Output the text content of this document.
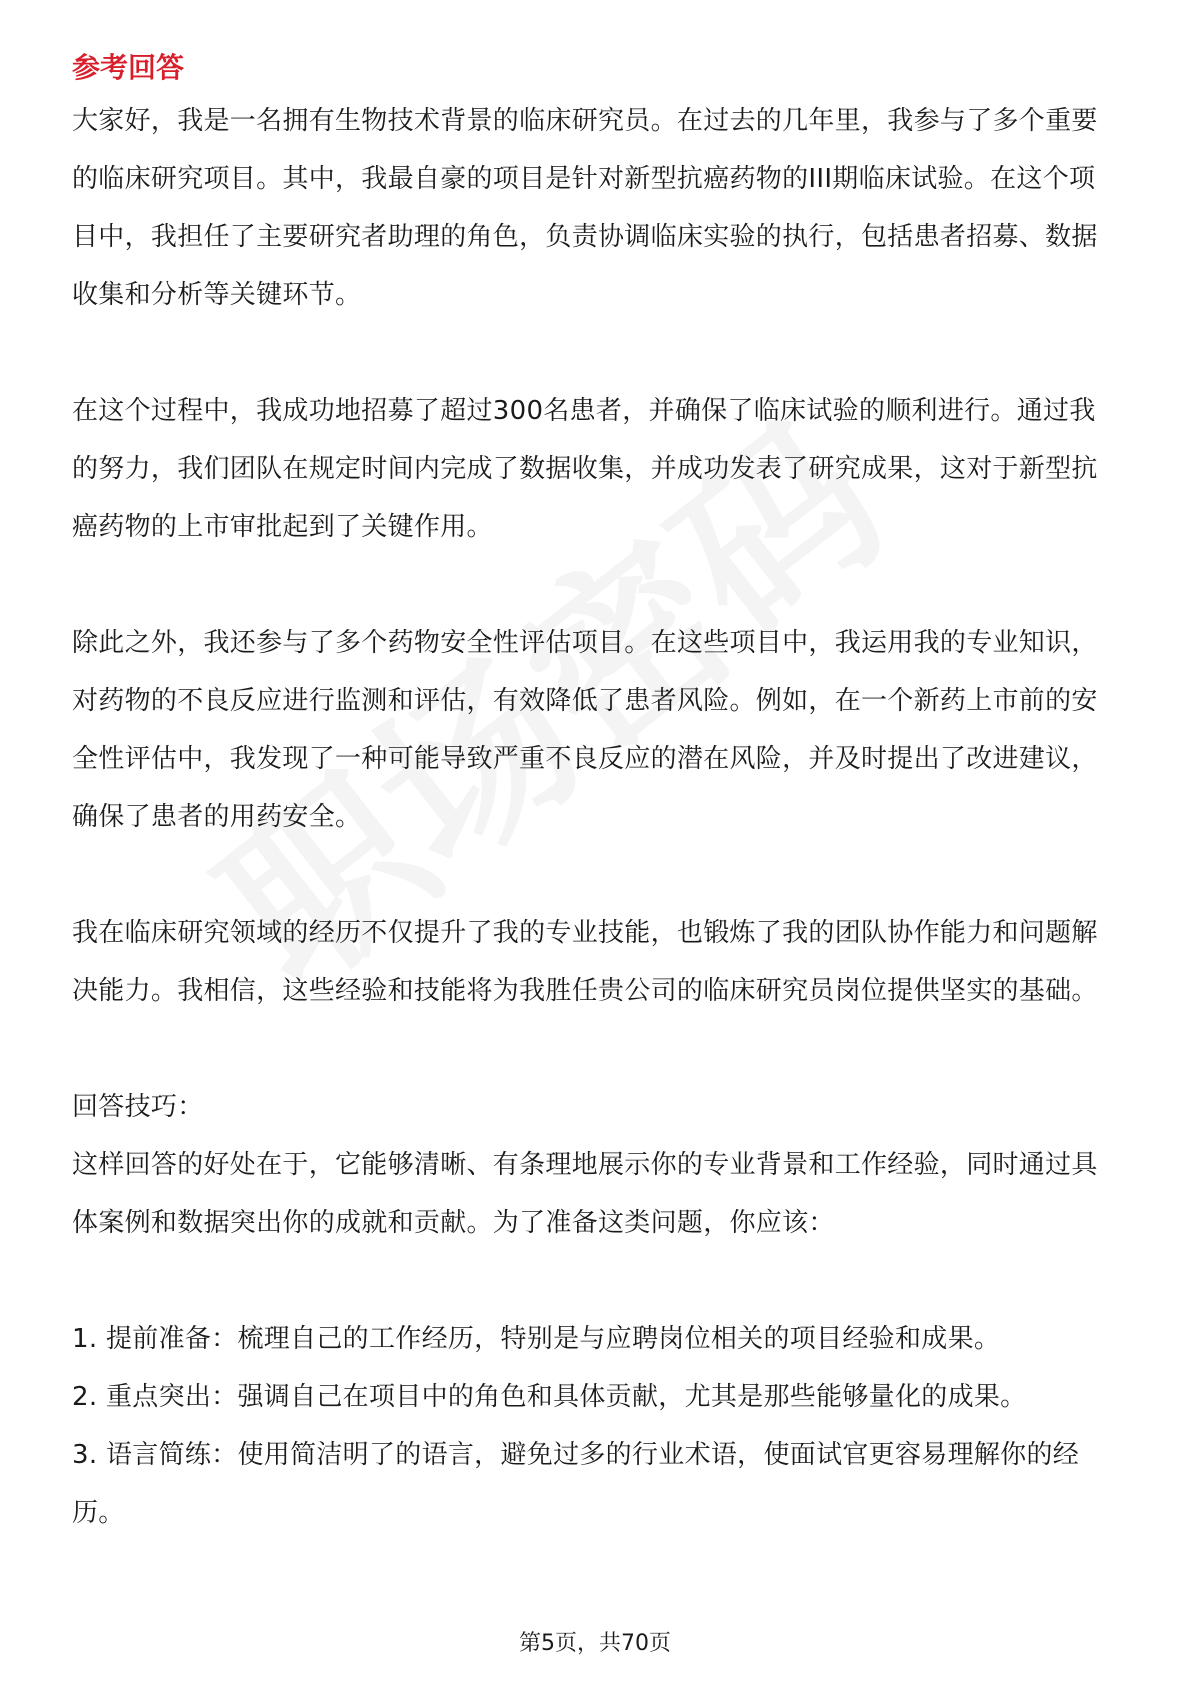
参考回答

大家好，我是一名拥有生物技术背景的临床研究员。在过去的几年里，我参与了多个重要的临床研究项目。其中，我最自豪的项目是针对新型抗癌药物的III期临床试验。在这个项目中，我担任了主要研究者助理的角色，负责协调临床实验的执行，包括患者招募、数据收集和分析等关键环节。

在这个过程中，我成功地招募了超过300名患者，并确保了临床试验的顺利进行。通过我的努力，我们团队在规定时间内完成了数据收集，并成功发表了研究成果，这对于新型抗癌药物的上市审批起到了关键作用。

除此之外，我还参与了多个药物安全性评估项目。在这些项目中，我运用我的专业知识，对药物的不良反应进行监测和评估，有效降低了患者风险。例如，在一个新药上市前的安全性评估中，我发现了一种可能导致严重不良反应的潜在风险，并及时提出了改进建议，确保了患者的用药安全。

我在临床研究领域的经历不仅提升了我的专业技能，也锻炼了我的团队协作能力和问题解决能力。我相信，这些经验和技能将为我胜任贵公司的临床研究员岗位提供坚实的基础。

回答技巧：

这样回答的好处在于，它能够清晰、有条理地展示你的专业背景和工作经验，同时通过具体案例和数据突出你的成就和贡献。为了准备这类问题，你应该：

1. 提前准备：梳理自己的工作经历，特别是与应聘岗位相关的项目经验和成果。

2. 重点突出：强调自己在项目中的角色和具体贡献，尤其是那些能够量化的成果。

3. 语言简练：使用简洁明了的语言，避免过多的行业术语，使面试官更容易理解你的经历。

第5页，共70页
